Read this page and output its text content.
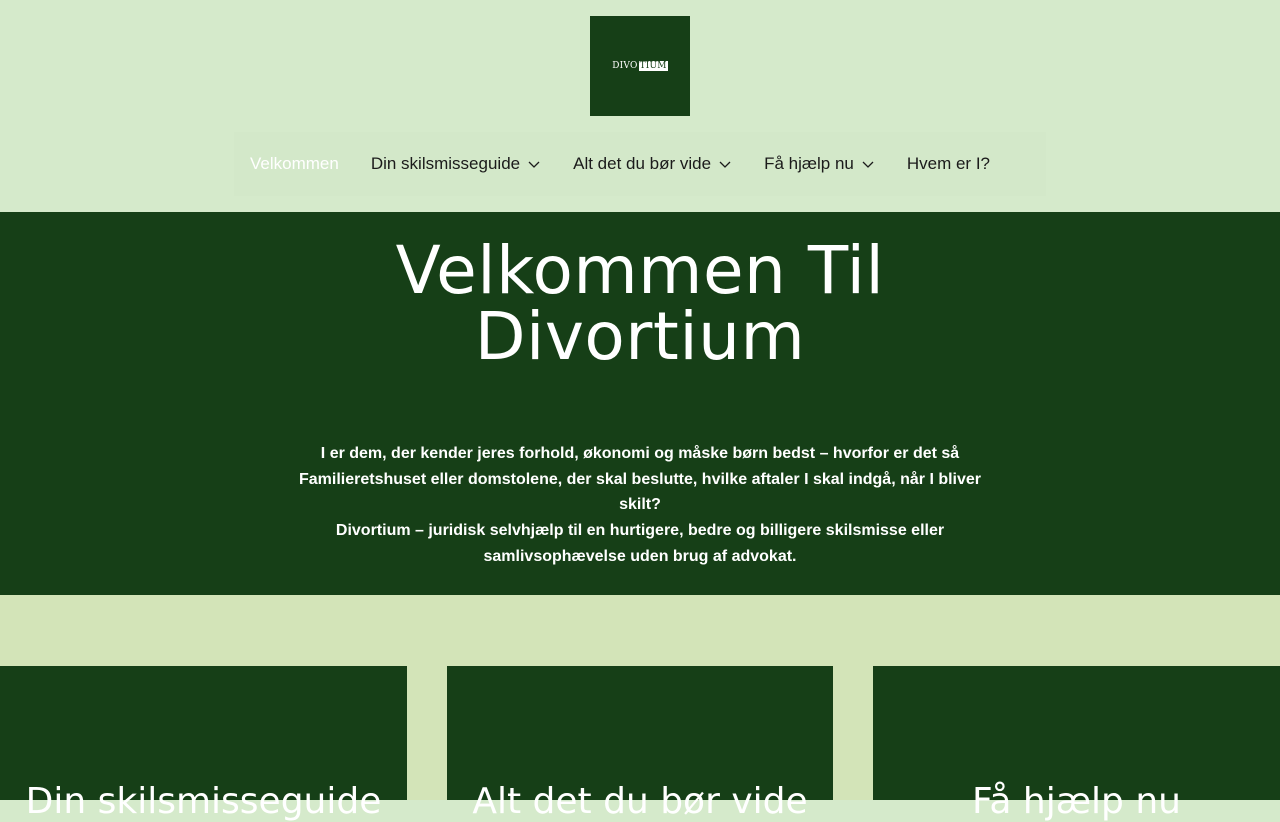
DIVO TIUM
Velkommen Din skilsmisseguide	Alt det du bør vide	Få hjælp nu	Hvem er I?
Velkommen Til
Divortium

I er dem, der kender jeres forhold, økonomi og måske børn bedst – hvorfor er det så Familieretshuset eller domstolene, der skal beslutte, hvilke aftaler I skal indgå, når I bliver skilt?

Divortium – juridisk selvhjælp til en hurtigere, bedre og billigere skilsmisse eller samlivsophævelse uden brug af advokat.

Din skilsmisseguide	Alt det du bør vide	Få hjælp nu
